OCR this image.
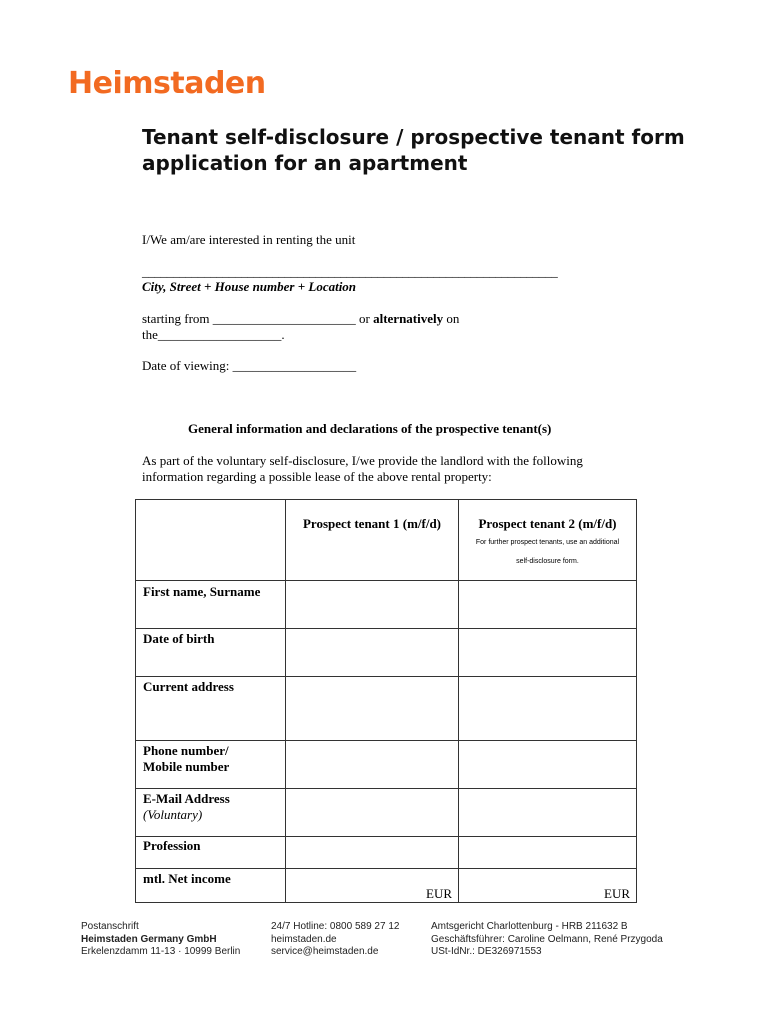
Heimstaden
Tenant self-disclosure / prospective tenant form
application for an apartment
I/We am/are interested in renting the unit
___________________________________________________________________
City, Street + House number + Location
starting from ______________________ or alternatively on
the___________________.
Date of viewing: ___________________
General information and declarations of the prospective tenant(s)
As part of the voluntary self-disclosure, I/we provide the landlord with the following
information regarding a possible lease of the above rental property:
	Prospect tenant 1 (m/f/d)	Prospect tenant 2 (m/f/d)
For further prospect tenants, use an additional
self-disclosure form.

First name, Surname		
Date of birth		
Current address		

Phone number/
Mobile number		

E-Mail Address
(Voluntary)		

Profession		
mtl. Net income	EUR	EUR
Postanschrift
Heimstaden Germany GmbH
Erkelenzdamm 11-13 · 10999 Berlin
24/7 Hotline: 0800 589 27 12
heimstaden.de
service@heimstaden.de
Amtsgericht Charlottenburg - HRB 211632 B
Geschäftsführer: Caroline Oelmann, René Przygoda
USt-IdNr.: DE326971553
